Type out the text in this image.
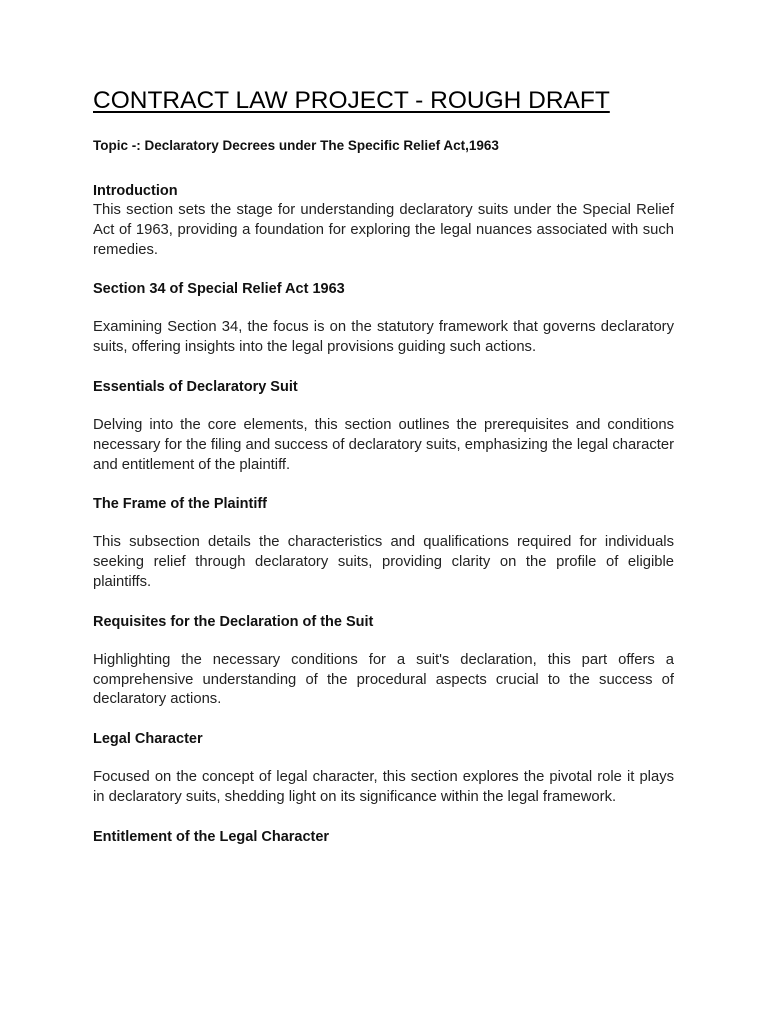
CONTRACT LAW PROJECT - ROUGH DRAFT

Topic -: Declaratory Decrees under The Specific Relief Act,1963

Introduction

This section sets the stage for understanding declaratory suits under the Special Relief Act of 1963, providing a foundation for exploring the legal nuances associated with such remedies.

Section 34 of Special Relief Act 1963

Examining Section 34, the focus is on the statutory framework that governs declaratory suits, offering insights into the legal provisions guiding such actions.

Essentials of Declaratory Suit

Delving into the core elements, this section outlines the prerequisites and conditions necessary for the filing and success of declaratory suits, emphasizing the legal character and entitlement of the plaintiff.

The Frame of the Plaintiff

This subsection details the characteristics and qualifications required for individuals seeking relief through declaratory suits, providing clarity on the profile of eligible plaintiffs.

Requisites for the Declaration of the Suit

Highlighting the necessary conditions for a suit's declaration, this part offers a comprehensive understanding of the procedural aspects crucial to the success of declaratory actions.

Legal Character

Focused on the concept of legal character, this section explores the pivotal role it plays in declaratory suits, shedding light on its significance within the legal framework.

Entitlement of the Legal Character
